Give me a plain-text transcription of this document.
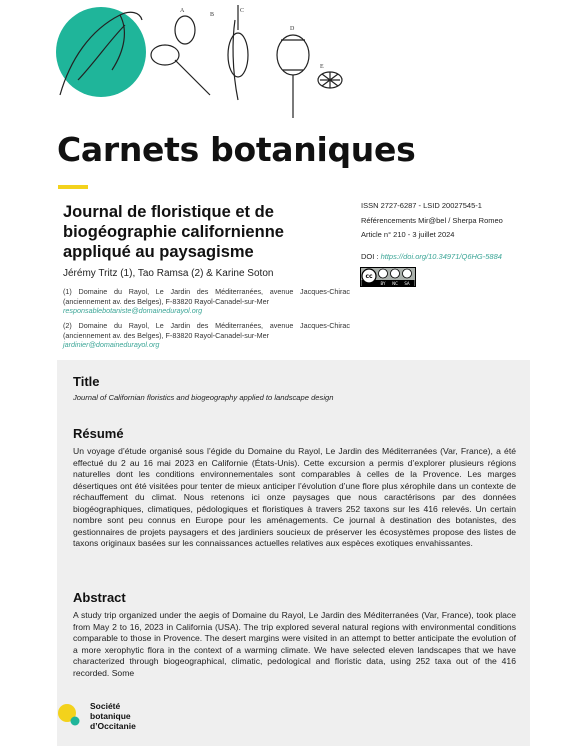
A
B
C
D
E
Carnets botaniques
Journal de floristique et de biogéographie californienne appliqué au paysagisme
Jérémy Tritz (1), Tao Ramsa (2) & Karine Soton
(1) Domaine du Rayol, Le Jardin des Méditerranées, avenue Jacques-Chirac (anciennement av. des Belges), F-83820 Rayol-Canadel-sur-Mer
responsablebotaniste@domainedurayol.org
(2) Domaine du Rayol, Le Jardin des Méditerranées, avenue Jacques-Chirac (anciennement av. des Belges), F-83820 Rayol-Canadel-sur-Mer
jardinier@domainedurayol.org
ISSN 2727-6287 - LSID 20027545-1
Référencements Mir@bel / Sherpa Romeo
Article n° 210 - 3 juillet 2024
DOI : https://doi.org/10.34971/Q6HG-5884
cc
BY NC SA
Title
Journal of Californian floristics and biogeography applied to landscape design
Résumé
Un voyage d’étude organisé sous l’égide du Domaine du Rayol, Le Jardin des Méditerranées (Var, France), a été effectué du 2 au 16 mai 2023 en Californie (États-Unis). Cette excursion a permis d’explorer plusieurs régions naturelles dont les conditions environnementales sont comparables à celles de la Provence. Les marges désertiques ont été visitées pour tenter de mieux anticiper l’évolution d’une flore plus xérophile dans un contexte de réchauffement du climat. Nous retenons ici onze paysages que nous caractérisons par des données biogéographiques, climatiques, pédologiques et floristiques à travers 252 taxons sur les 416 relevés. Un certain nombre sont peu connus en Europe pour les aménagements. Ce journal à destination des botanistes, des gestionnaires de projets paysagers et des jardiniers soucieux de préserver les écosystèmes propose des listes de taxons originaux basées sur les connaissances actuelles relatives aux espèces exotiques envahissantes.
Abstract
A study trip organized under the aegis of Domaine du Rayol, Le Jardin des Méditerranées (Var, France), took place from May 2 to 16, 2023 in California (USA). The trip explored several natural regions with environmental conditions comparable to those in Provence. The desert margins were visited in an attempt to better anticipate the evolution of a more xerophytic flora in the context of a warming climate. We have selected eleven landscapes that we have characterized through biogeographical, climatic, pedological and floristic data, using 252 taxa out of the 416 recorded. Some
Société
botanique
d’Occitanie
